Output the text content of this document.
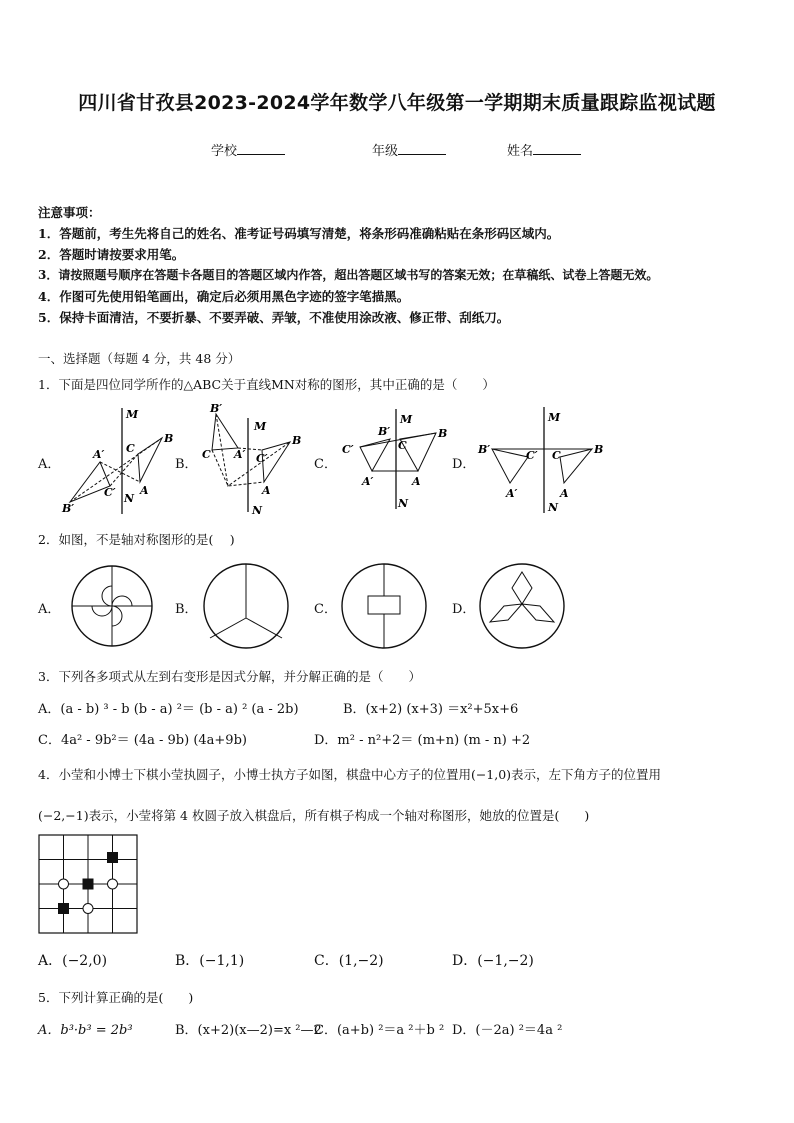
四川省甘孜县2023-2024学年数学八年级第一学期期末质量跟踪监视试题
学校	年级	姓名
注意事项：
1．答题前，考生先将自己的姓名、准考证号码填写清楚，将条形码准确粘贴在条形码区域内。
2．答题时请按要求用笔。
3．请按照题号顺序在答题卡各题目的答题区域内作答，超出答题区域书写的答案无效；在草稿纸、试卷上答题无效。
4．作图可先使用铅笔画出，确定后必须用黑色字迹的签字笔描黑。
5．保持卡面清洁，不要折暴、不要弄破、弄皱，不准使用涂改液、修正带、刮纸刀。
一、选择题（每题 4 分，共 48 分）
1．下面是四位同学所作的△ABC关于直线MN对称的图形，其中正确的是（　　）
A．
M
N
A′
C′
B′
C
B
A
B．
B′
M
C A′ C′
B
A
N
C．
M
B′
C′	C
B
A′	A
N
D．
M
B′	B
C′ C
A′	A
N
2．如图，不是轴对称图形的是(　 )
A．	B．	C．	D．
3．下列各多项式从左到右变形是因式分解，并分解正确的是（　　）
A．(a - b) ³ - b (b - a) ²＝ (b - a) ² (a - 2b)	B．(x+2) (x+3) ＝x²+5x+6
C．4a² - 9b²＝ (4a - 9b) (4a+9b)	D．m² - n²+2＝ (m+n) (m - n) +2
4．小莹和小博士下棋小莹执圆子，小博士执方子如图，棋盘中心方子的位置用(−1,0)表示，左下角方子的位置用
(−2,−1)表示，小莹将第 4 枚圆子放入棋盘后，所有棋子构成一个轴对称图形，她放的位置是(　　)
A．(−2,0)	B．(−1,1)	C．(1,−2)	D．(−1,−2)
5．下列计算正确的是(　　)
A．b³·b³ = 2b³	B．(x+2)(x—2)=x ²—2
C．(a+b) ²＝a ²＋b ² D．(－2a) ²＝4a ²
